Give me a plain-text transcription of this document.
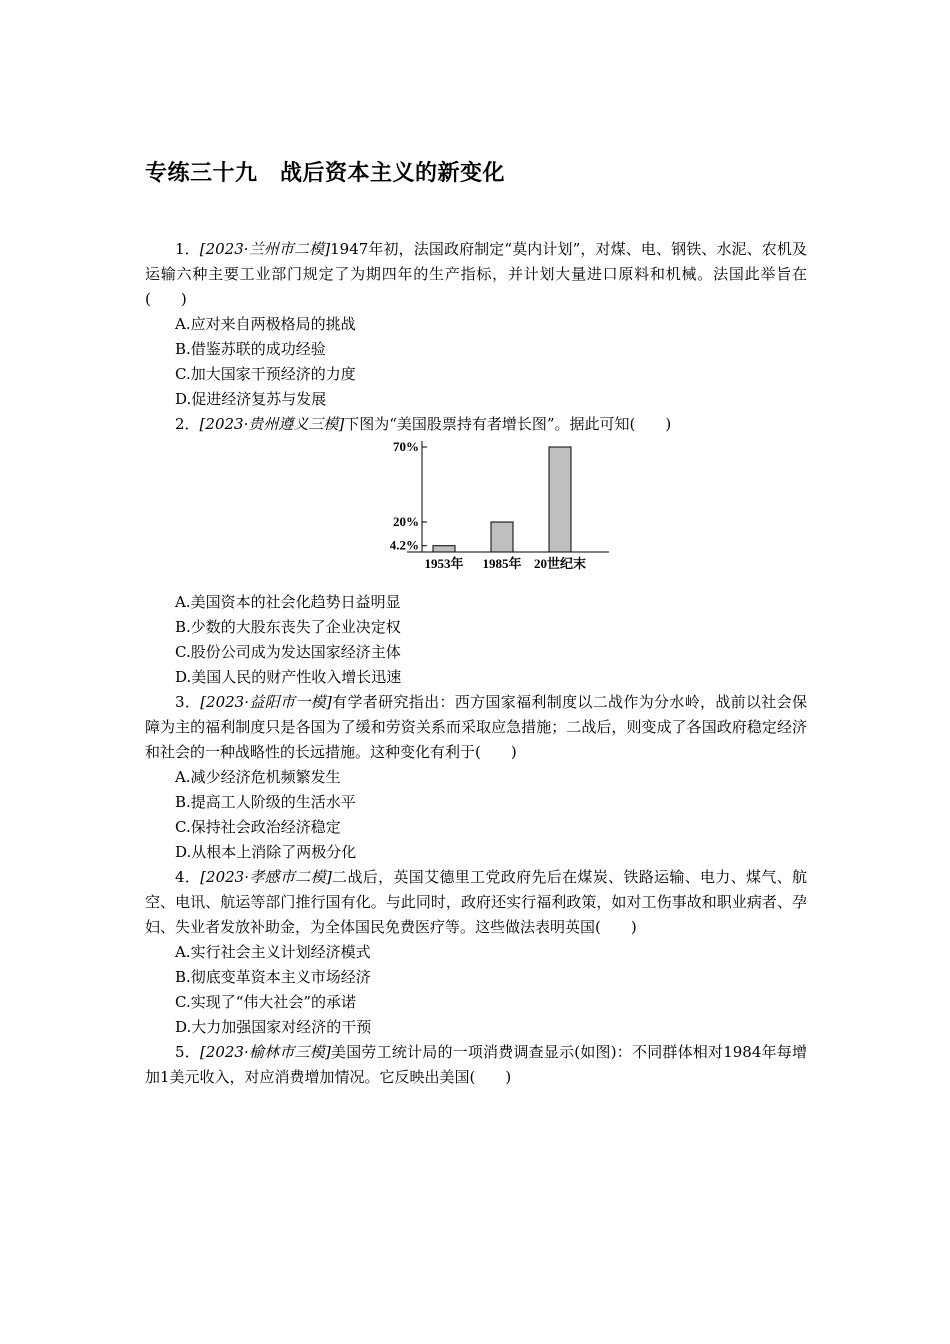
专练三十九　战后资本主义的新变化

1．[2023·兰州市二模]1947年初，法国政府制定“莫内计划”，对煤、电、钢铁、水泥、农机及运输六种主要工业部门规定了为期四年的生产指标，并计划大量进口原料和机械。法国此举旨在(　　)

A.应对来自两极格局的挑战

B.借鉴苏联的成功经验

C.加大国家干预经济的力度

D.促进经济复苏与发展

2．[2023·贵州遵义三模]下图为“美国股票持有者增长图”。据此可知(　　)

4.2%
1953年
20%
1985年
70%
20世纪末

A.美国资本的社会化趋势日益明显

B.少数的大股东丧失了企业决定权

C.股份公司成为发达国家经济主体

D.美国人民的财产性收入增长迅速

3．[2023·益阳市一模]有学者研究指出：西方国家福利制度以二战作为分水岭，战前以社会保障为主的福利制度只是各国为了缓和劳资关系而采取应急措施；二战后，则变成了各国政府稳定经济和社会的一种战略性的长远措施。这种变化有利于(　　)

A.减少经济危机频繁发生

B.提高工人阶级的生活水平

C.保持社会政治经济稳定

D.从根本上消除了两极分化

4．[2023·孝感市二模]二战后，英国艾德里工党政府先后在煤炭、铁路运输、电力、煤气、航空、电讯、航运等部门推行国有化。与此同时，政府还实行福利政策，如对工伤事故和职业病者、孕妇、失业者发放补助金，为全体国民免费医疗等。这些做法表明英国(　　)

A.实行社会主义计划经济模式

B.彻底变革资本主义市场经济

C.实现了“伟大社会”的承诺

D.大力加强国家对经济的干预

5．[2023·榆林市三模]美国劳工统计局的一项消费调查显示(如图)：不同群体相对1984年每增加1美元收入，对应消费增加情况。它反映出美国(　　)
